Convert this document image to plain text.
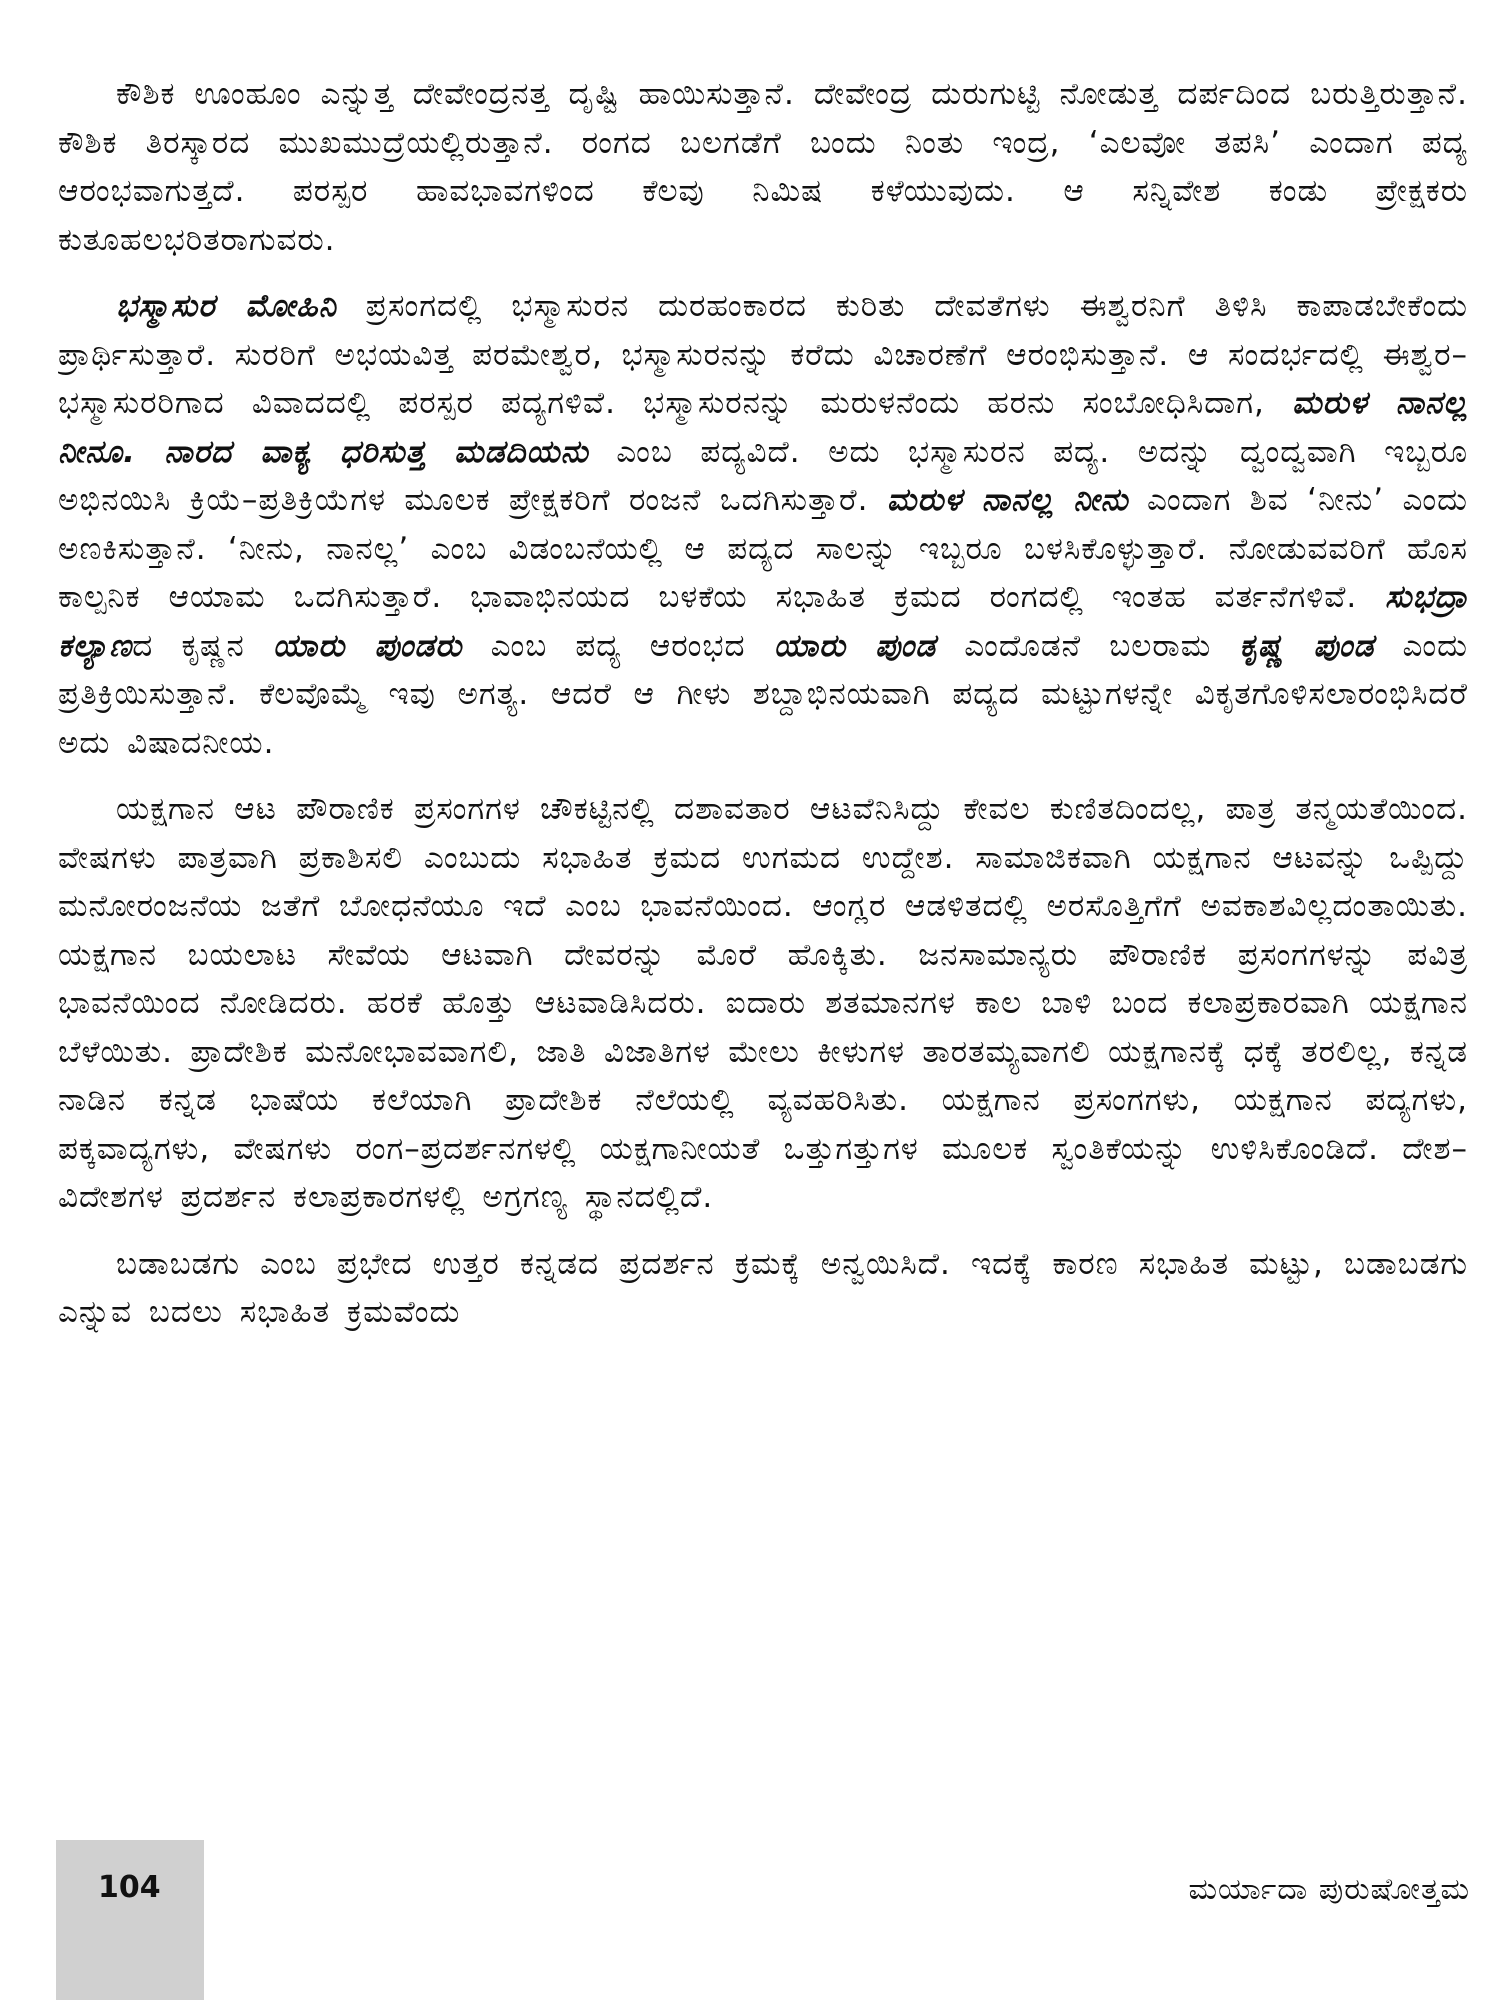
ಕೌಶಿಕ ಊಂಹೂಂ ಎನ್ನುತ್ತ ದೇವೇಂದ್ರನತ್ತ ದೃಷ್ಟಿ ಹಾಯಿಸುತ್ತಾನೆ. ದೇವೇಂದ್ರ ದುರುಗುಟ್ಟಿ ನೋಡುತ್ತ ದರ್ಪದಿಂದ ಬರುತ್ತಿರುತ್ತಾನೆ. ಕೌಶಿಕ ತಿರಸ್ಕಾರದ ಮುಖಮುದ್ರೆಯಲ್ಲಿರುತ್ತಾನೆ. ರಂಗದ ಬಲಗಡೆಗೆ ಬಂದು ನಿಂತು ಇಂದ್ರ, ‘ಎಲವೋ ತಪಸಿ’ ಎಂದಾಗ ಪದ್ಯ ಆರಂಭವಾಗುತ್ತದೆ. ಪರಸ್ಪರ ಹಾವಭಾವಗಳಿಂದ ಕೆಲವು ನಿಮಿಷ ಕಳೆಯುವುದು. ಆ ಸನ್ನಿವೇಶ ಕಂಡು ಪ್ರೇಕ್ಷಕರು ಕುತೂಹಲಭರಿತರಾಗುವರು.

ಭಸ್ಮಾಸುರ ಮೋಹಿನಿ ಪ್ರಸಂಗದಲ್ಲಿ ಭಸ್ಮಾಸುರನ ದುರಹಂಕಾರದ ಕುರಿತು ದೇವತೆಗಳು ಈಶ್ವರನಿಗೆ ತಿಳಿಸಿ ಕಾಪಾಡಬೇಕೆಂದು ಪ್ರಾರ್ಥಿಸುತ್ತಾರೆ. ಸುರರಿಗೆ ಅಭಯವಿತ್ತ ಪರಮೇಶ್ವರ, ಭಸ್ಮಾಸುರನನ್ನು ಕರೆದು ವಿಚಾರಣೆಗೆ ಆರಂಭಿಸುತ್ತಾನೆ. ಆ ಸಂದರ್ಭದಲ್ಲಿ ಈಶ್ವರ–ಭಸ್ಮಾಸುರರಿಗಾದ ವಿವಾದದಲ್ಲಿ ಪರಸ್ಪರ ಪದ್ಯಗಳಿವೆ. ಭಸ್ಮಾಸುರನನ್ನು ಮರುಳನೆಂದು ಹರನು ಸಂಬೋಧಿಸಿದಾಗ, ಮರುಳ ನಾನಲ್ಲ ನೀನೂ. ನಾರದ ವಾಕ್ಯ ಧರಿಸುತ್ತ ಮಡದಿಯನು ಎಂಬ ಪದ್ಯವಿದೆ. ಅದು ಭಸ್ಮಾಸುರನ ಪದ್ಯ. ಅದನ್ನು ದ್ವಂದ್ವವಾಗಿ ಇಬ್ಬರೂ ಅಭಿನಯಿಸಿ ಕ್ರಿಯೆ–ಪ್ರತಿಕ್ರಿಯೆಗಳ ಮೂಲಕ ಪ್ರೇಕ್ಷಕರಿಗೆ ರಂಜನೆ ಒದಗಿಸುತ್ತಾರೆ. ಮರುಳ ನಾನಲ್ಲ ನೀನು ಎಂದಾಗ ಶಿವ ‘ನೀನು’ ಎಂದು ಅಣಕಿಸುತ್ತಾನೆ. ‘ನೀನು, ನಾನಲ್ಲ’ ಎಂಬ ವಿಡಂಬನೆಯಲ್ಲಿ ಆ ಪದ್ಯದ ಸಾಲನ್ನು ಇಬ್ಬರೂ ಬಳಸಿಕೊಳ್ಳುತ್ತಾರೆ. ನೋಡುವವರಿಗೆ ಹೊಸ ಕಾಲ್ಪನಿಕ ಆಯಾಮ ಒದಗಿಸುತ್ತಾರೆ. ಭಾವಾಭಿನಯದ ಬಳಕೆಯ ಸಭಾಹಿತ ಕ್ರಮದ ರಂಗದಲ್ಲಿ ಇಂತಹ ವರ್ತನೆಗಳಿವೆ. ಸುಭದ್ರಾ ಕಲ್ಯಾಣದ ಕೃಷ್ಣನ ಯಾರು ಪುಂಡರು ಎಂಬ ಪದ್ಯ ಆರಂಭದ ಯಾರು ಪುಂಡ ಎಂದೊಡನೆ ಬಲರಾಮ ಕೃಷ್ಣ ಪುಂಡ ಎಂದು ಪ್ರತಿಕ್ರಿಯಿಸುತ್ತಾನೆ. ಕೆಲವೊಮ್ಮೆ ಇವು ಅಗತ್ಯ. ಆದರೆ ಆ ಗೀಳು ಶಬ್ದಾಭಿನಯವಾಗಿ ಪದ್ಯದ ಮಟ್ಟುಗಳನ್ನೇ ವಿಕೃತಗೊಳಿಸಲಾರಂಭಿಸಿದರೆ ಅದು ವಿಷಾದನೀಯ.

ಯಕ್ಷಗಾನ ಆಟ ಪೌರಾಣಿಕ ಪ್ರಸಂಗಗಳ ಚೌಕಟ್ಟಿನಲ್ಲಿ ದಶಾವತಾರ ಆಟವೆನಿಸಿದ್ದು ಕೇವಲ ಕುಣಿತದಿಂದಲ್ಲ, ಪಾತ್ರ ತನ್ಮಯತೆಯಿಂದ. ವೇಷಗಳು ಪಾತ್ರವಾಗಿ ಪ್ರಕಾಶಿಸಲಿ ಎಂಬುದು ಸಭಾಹಿತ ಕ್ರಮದ ಉಗಮದ ಉದ್ದೇಶ. ಸಾಮಾಜಿಕವಾಗಿ ಯಕ್ಷಗಾನ ಆಟವನ್ನು ಒಪ್ಪಿದ್ದು ಮನೋರಂಜನೆಯ ಜತೆಗೆ ಬೋಧನೆಯೂ ಇದೆ ಎಂಬ ಭಾವನೆಯಿಂದ. ಆಂಗ್ಲರ ಆಡಳಿತದಲ್ಲಿ ಅರಸೊತ್ತಿಗೆಗೆ ಅವಕಾಶವಿಲ್ಲದಂತಾಯಿತು. ಯಕ್ಷಗಾನ ಬಯಲಾಟ ಸೇವೆಯ ಆಟವಾಗಿ ದೇವರನ್ನು ಮೊರೆ ಹೊಕ್ಕಿತು. ಜನಸಾಮಾನ್ಯರು ಪೌರಾಣಿಕ ಪ್ರಸಂಗಗಳನ್ನು ಪವಿತ್ರ ಭಾವನೆಯಿಂದ ನೋಡಿದರು. ಹರಕೆ ಹೊತ್ತು ಆಟವಾಡಿಸಿದರು. ಐದಾರು ಶತಮಾನಗಳ ಕಾಲ ಬಾಳಿ ಬಂದ ಕಲಾಪ್ರಕಾರವಾಗಿ ಯಕ್ಷಗಾನ ಬೆಳೆಯಿತು. ಪ್ರಾದೇಶಿಕ ಮನೋಭಾವವಾಗಲಿ, ಜಾತಿ ವಿಜಾತಿಗಳ ಮೇಲು ಕೀಳುಗಳ ತಾರತಮ್ಯವಾಗಲಿ ಯಕ್ಷಗಾನಕ್ಕೆ ಧಕ್ಕೆ ತರಲಿಲ್ಲ, ಕನ್ನಡ ನಾಡಿನ ಕನ್ನಡ ಭಾಷೆಯ ಕಲೆಯಾಗಿ ಪ್ರಾದೇಶಿಕ ನೆಲೆಯಲ್ಲಿ ವ್ಯವಹರಿಸಿತು. ಯಕ್ಷಗಾನ ಪ್ರಸಂಗಗಳು, ಯಕ್ಷಗಾನ ಪದ್ಯಗಳು, ಪಕ್ಕವಾದ್ಯಗಳು, ವೇಷಗಳು ರಂಗ–ಪ್ರದರ್ಶನಗಳಲ್ಲಿ ಯಕ್ಷಗಾನೀಯತೆ ಒತ್ತುಗತ್ತುಗಳ ಮೂಲಕ ಸ್ವಂತಿಕೆಯನ್ನು ಉಳಿಸಿಕೊಂಡಿದೆ. ದೇಶ–ವಿದೇಶಗಳ ಪ್ರದರ್ಶನ ಕಲಾಪ್ರಕಾರಗಳಲ್ಲಿ ಅಗ್ರಗಣ್ಯ ಸ್ಥಾನದಲ್ಲಿದೆ.

ಬಡಾಬಡಗು ಎಂಬ ಪ್ರಭೇದ ಉತ್ತರ ಕನ್ನಡದ ಪ್ರದರ್ಶನ ಕ್ರಮಕ್ಕೆ ಅನ್ವಯಿಸಿದೆ. ಇದಕ್ಕೆ ಕಾರಣ ಸಭಾಹಿತ ಮಟ್ಟು, ಬಡಾಬಡಗು ಎನ್ನುವ ಬದಲು ಸಭಾಹಿತ ಕ್ರಮವೆಂದು

104	ಮರ್ಯಾದಾ ಪುರುಷೋತ್ತಮ
